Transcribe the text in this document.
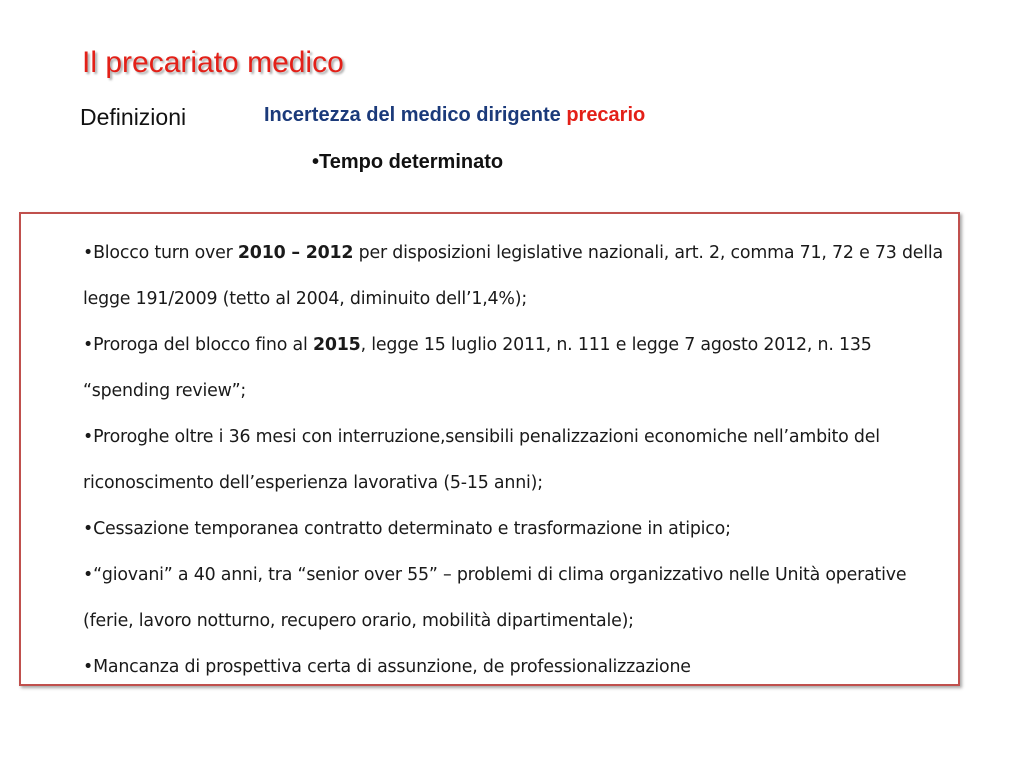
Il precariato medico
Definizioni	Incertezza del medico dirigente precario
•Tempo determinato
•Blocco turn over 2010 – 2012 per disposizioni legislative nazionali, art. 2, comma 71, 72 e 73 della legge 191/2009 (tetto al 2004, diminuito dell’1,4%);
•Proroga del blocco fino al 2015, legge 15 luglio 2011, n. 111 e legge 7 agosto 2012, n. 135 “spending review”;
•Proroghe oltre i 36 mesi con interruzione,sensibili penalizzazioni economiche nell’ambito del riconoscimento dell’esperienza lavorativa (5-15 anni);
•Cessazione temporanea contratto determinato e trasformazione in atipico;
•“giovani” a 40 anni, tra “senior over 55” – problemi di clima organizzativo nelle Unità operative (ferie, lavoro notturno, recupero orario, mobilità dipartimentale);
•Mancanza di prospettiva certa di assunzione, de professionalizzazione
